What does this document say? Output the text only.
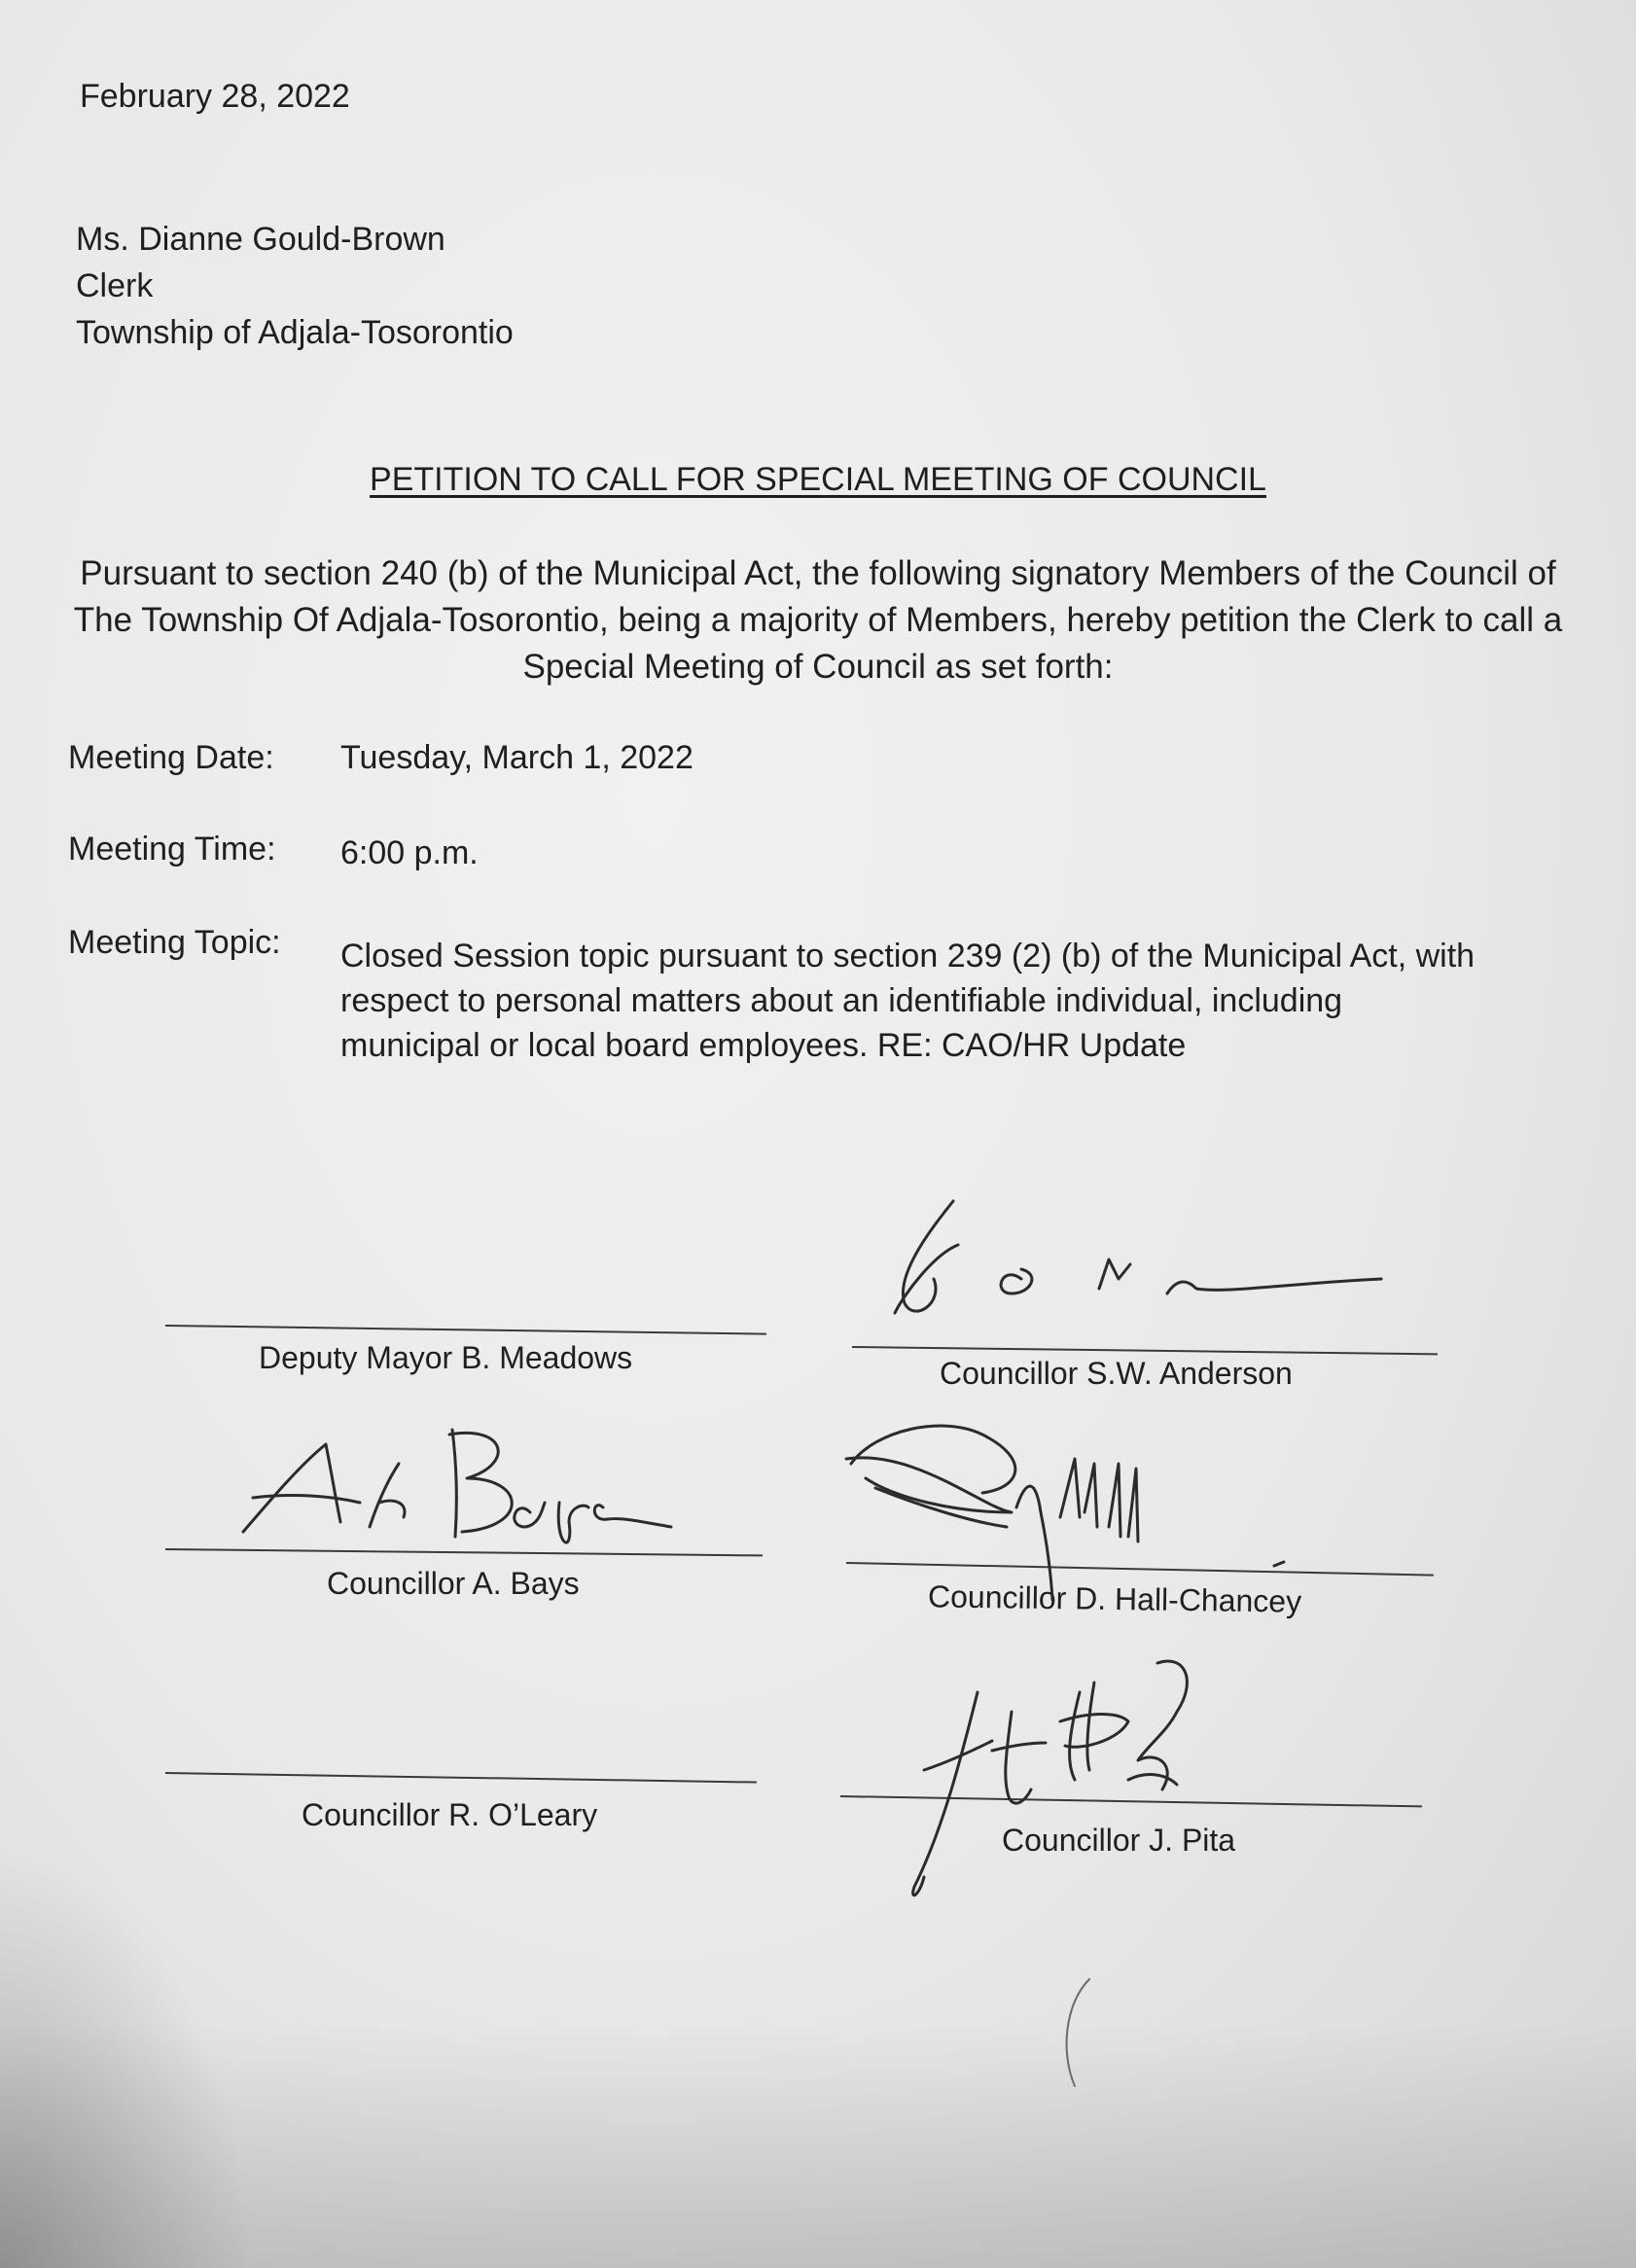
February 28, 2022
Ms. Dianne Gould-Brown
Clerk
Township of Adjala-Tosorontio
PETITION TO CALL FOR SPECIAL MEETING OF COUNCIL
Pursuant to section 240 (b) of the Municipal Act, the following signatory Members of the Council of The Township Of Adjala-Tosorontio, being a majority of Members, hereby petition the Clerk to call a Special Meeting of Council as set forth:
Meeting Date: Tuesday, March 1, 2022
Meeting Time: 6:00 p.m.
Meeting Topic: Closed Session topic pursuant to section 239 (2) (b) of the Municipal Act, with
respect to personal matters about an identifiable individual, including
municipal or local board employees. RE: CAO/HR Update
Deputy Mayor B. Meadows	Councillor S.W. Anderson
Councillor A. Bays	Councillor D. Hall-Chancey
Councillor R. O’Leary
Councillor J. Pita
